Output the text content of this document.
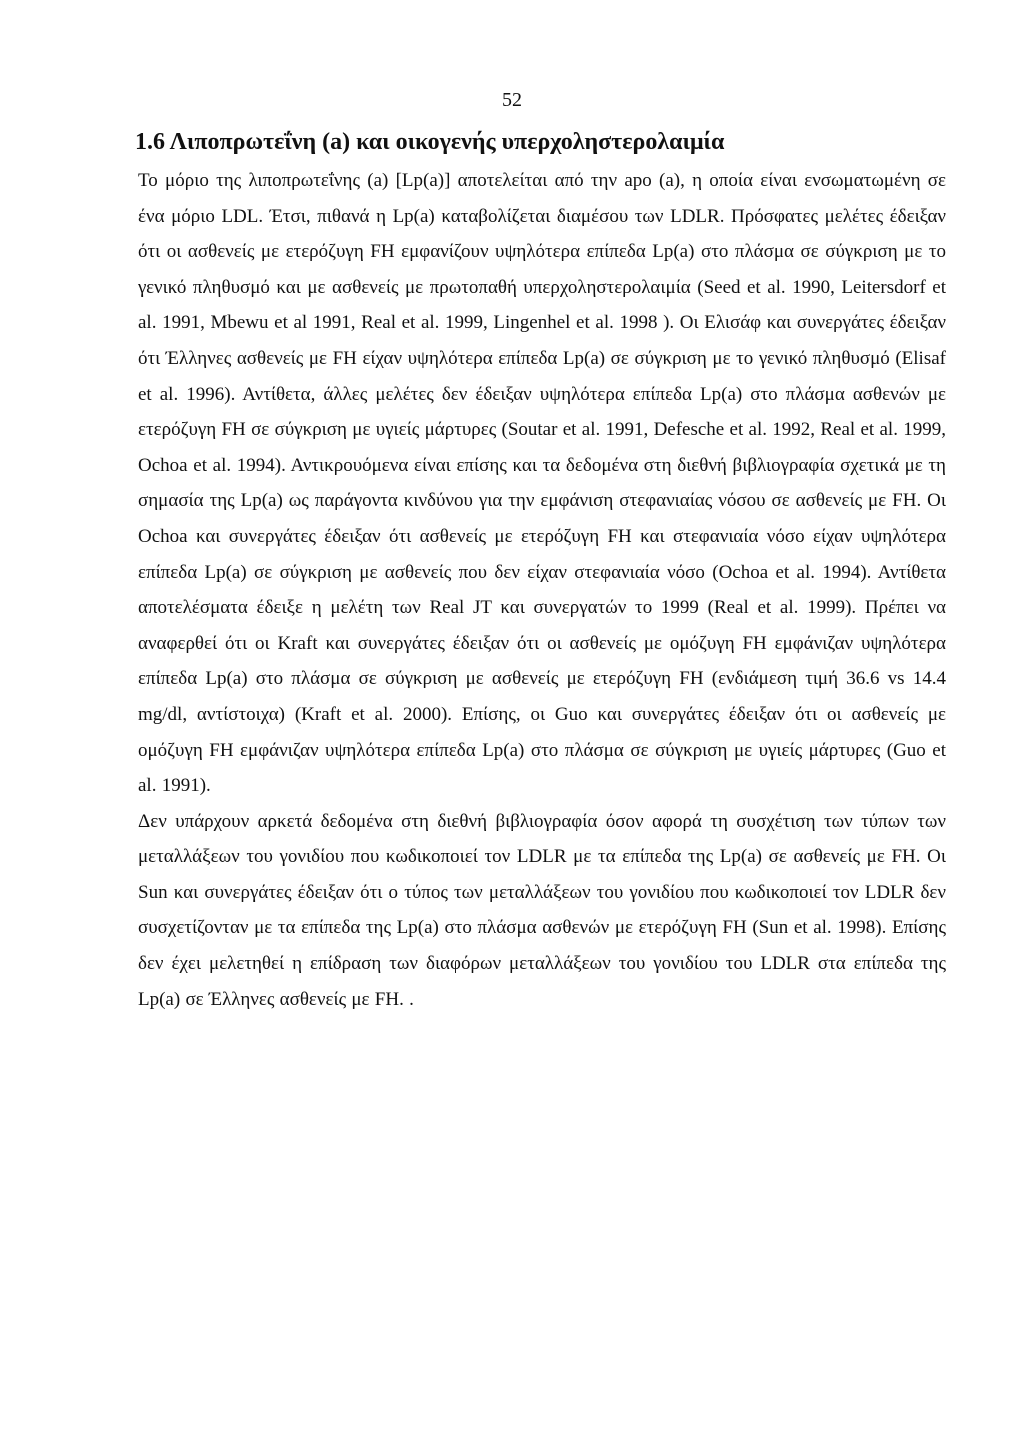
52
1.6 Λιποπρωτεΐνη (a) και οικογενής υπερχοληστερολαιμία

Το μόριο της λιποπρωτεΐνης (a) [Lp(a)] αποτελείται από την apo (a), η οποία είναι ενσωματωμένη σε ένα μόριο LDL. Έτσι, πιθανά η Lp(a) καταβολίζεται διαμέσου των LDLR. Πρόσφατες μελέτες έδειξαν ότι οι ασθενείς με ετερόζυγη FH εμφανίζουν υψηλότερα επίπεδα Lp(a) στο πλάσμα σε σύγκριση με το γενικό πληθυσμό και με ασθενείς με πρωτοπαθή υπερχοληστερολαιμία (Seed et al. 1990, Leitersdorf et al. 1991, Mbewu et al 1991, Real et al. 1999, Lingenhel et al. 1998 ). Οι Ελισάφ και συνεργάτες έδειξαν ότι Έλληνες ασθενείς με FH είχαν υψηλότερα επίπεδα Lp(a) σε σύγκριση με το γενικό πληθυσμό (Elisaf et al. 1996). Αντίθετα, άλλες μελέτες δεν έδειξαν υψηλότερα επίπεδα Lp(a) στο πλάσμα ασθενών με ετερόζυγη FH σε σύγκριση με υγιείς μάρτυρες (Soutar et al. 1991, Defesche et al. 1992, Real et al. 1999, Ochoa et al. 1994). Αντικρουόμενα είναι επίσης και τα δεδομένα στη διεθνή βιβλιογραφία σχετικά με τη σημασία της Lp(a) ως παράγοντα κινδύνου για την εμφάνιση στεφανιαίας νόσου σε ασθενείς με FH. Οι Ochoa και συνεργάτες έδειξαν ότι ασθενείς με ετερόζυγη FH και στεφανιαία νόσο είχαν υψηλότερα επίπεδα Lp(a) σε σύγκριση με ασθενείς που δεν είχαν στεφανιαία νόσο (Ochoa et al. 1994). Αντίθετα αποτελέσματα έδειξε η μελέτη των Real JT και συνεργατών το 1999 (Real et al. 1999). Πρέπει να αναφερθεί ότι οι Kraft και συνεργάτες έδειξαν ότι οι ασθενείς με ομόζυγη FH εμφάνιζαν υψηλότερα επίπεδα Lp(a) στο πλάσμα σε σύγκριση με ασθενείς με ετερόζυγη FH (ενδιάμεση τιμή 36.6 vs 14.4 mg/dl, αντίστοιχα) (Kraft et al. 2000). Επίσης, οι Guo και συνεργάτες έδειξαν ότι οι ασθενείς με ομόζυγη FH εμφάνιζαν υψηλότερα επίπεδα Lp(a) στο πλάσμα σε σύγκριση με υγιείς μάρτυρες (Guo et al. 1991).

Δεν υπάρχουν αρκετά δεδομένα στη διεθνή βιβλιογραφία όσον αφορά τη συσχέτιση των τύπων των μεταλλάξεων του γονιδίου που κωδικοποιεί τον LDLR με τα επίπεδα της Lp(a) σε ασθενείς με FH. Οι Sun και συνεργάτες έδειξαν ότι ο τύπος των μεταλλάξεων του γονιδίου που κωδικοποιεί τον LDLR δεν συσχετίζονταν με τα επίπεδα της Lp(a) στο πλάσμα ασθενών με ετερόζυγη FH (Sun et al. 1998). Επίσης δεν έχει μελετηθεί η επίδραση των διαφόρων μεταλλάξεων του γονιδίου του LDLR στα επίπεδα της Lp(a) σε Έλληνες ασθενείς με FH. .
